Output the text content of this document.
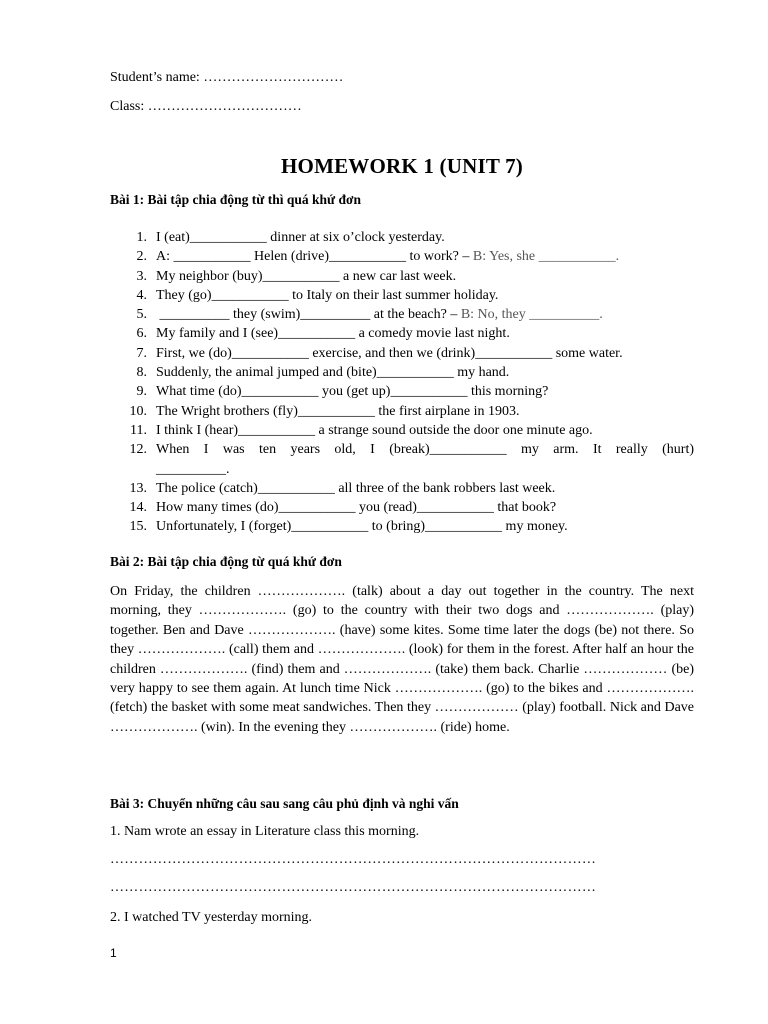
Student’s name: …………………………
Class: ……………………………
HOMEWORK 1 (UNIT 7)
Bài 1: Bài tập chia động từ thì quá khứ đơn
1. I (eat)___________ dinner at six o’clock yesterday.
2. A: ___________ Helen (drive)___________ to work? – B: Yes, she ___________.
3. My neighbor (buy)___________ a new car last week.
4. They (go)___________ to Italy on their last summer holiday.
5. __________ they (swim)__________ at the beach? – B: No, they __________.
6. My family and I (see)___________ a comedy movie last night.
7. First, we (do)___________ exercise, and then we (drink)___________ some water.
8. Suddenly, the animal jumped and (bite)___________ my hand.
9. What time (do)___________ you (get up)___________ this morning?
10. The Wright brothers (fly)___________ the first airplane in 1903.
11. I think I (hear)___________ a strange sound outside the door one minute ago.
12. When I was ten years old, I (break)___________ my arm. It really (hurt)
__________.
13. The police (catch)___________ all three of the bank robbers last week.
14. How many times (do)___________ you (read)___________ that book?
15. Unfortunately, I (forget)___________ to (bring)___________ my money.
Bài 2: Bài tập chia động từ quá khứ đơn

On Friday, the children ………………. (talk) about a day out together in the country. The next morning, they ………………. (go) to the country with their two dogs and ………………. (play) together. Ben and Dave ………………. (have) some kites. Some time later the dogs (be) not there. So they ………………. (call) them and ………………. (look) for them in the forest. After half an hour the children ………………. (find) them and ………………. (take) them back. Charlie ……………… (be) very happy to see them again. At lunch time Nick ………………. (go) to the bikes and ………………. (fetch) the basket with some meat sandwiches. Then they ……………… (play) football. Nick and Dave ………………. (win). In the evening they ………………. (ride) home.

Bài 3: Chuyển những câu sau sang câu phủ định và nghi vấn
1. Nam wrote an essay in Literature class this morning.
…………………………………………………………………………………………
…………………………………………………………………………………………
2. I watched TV yesterday morning.
1
